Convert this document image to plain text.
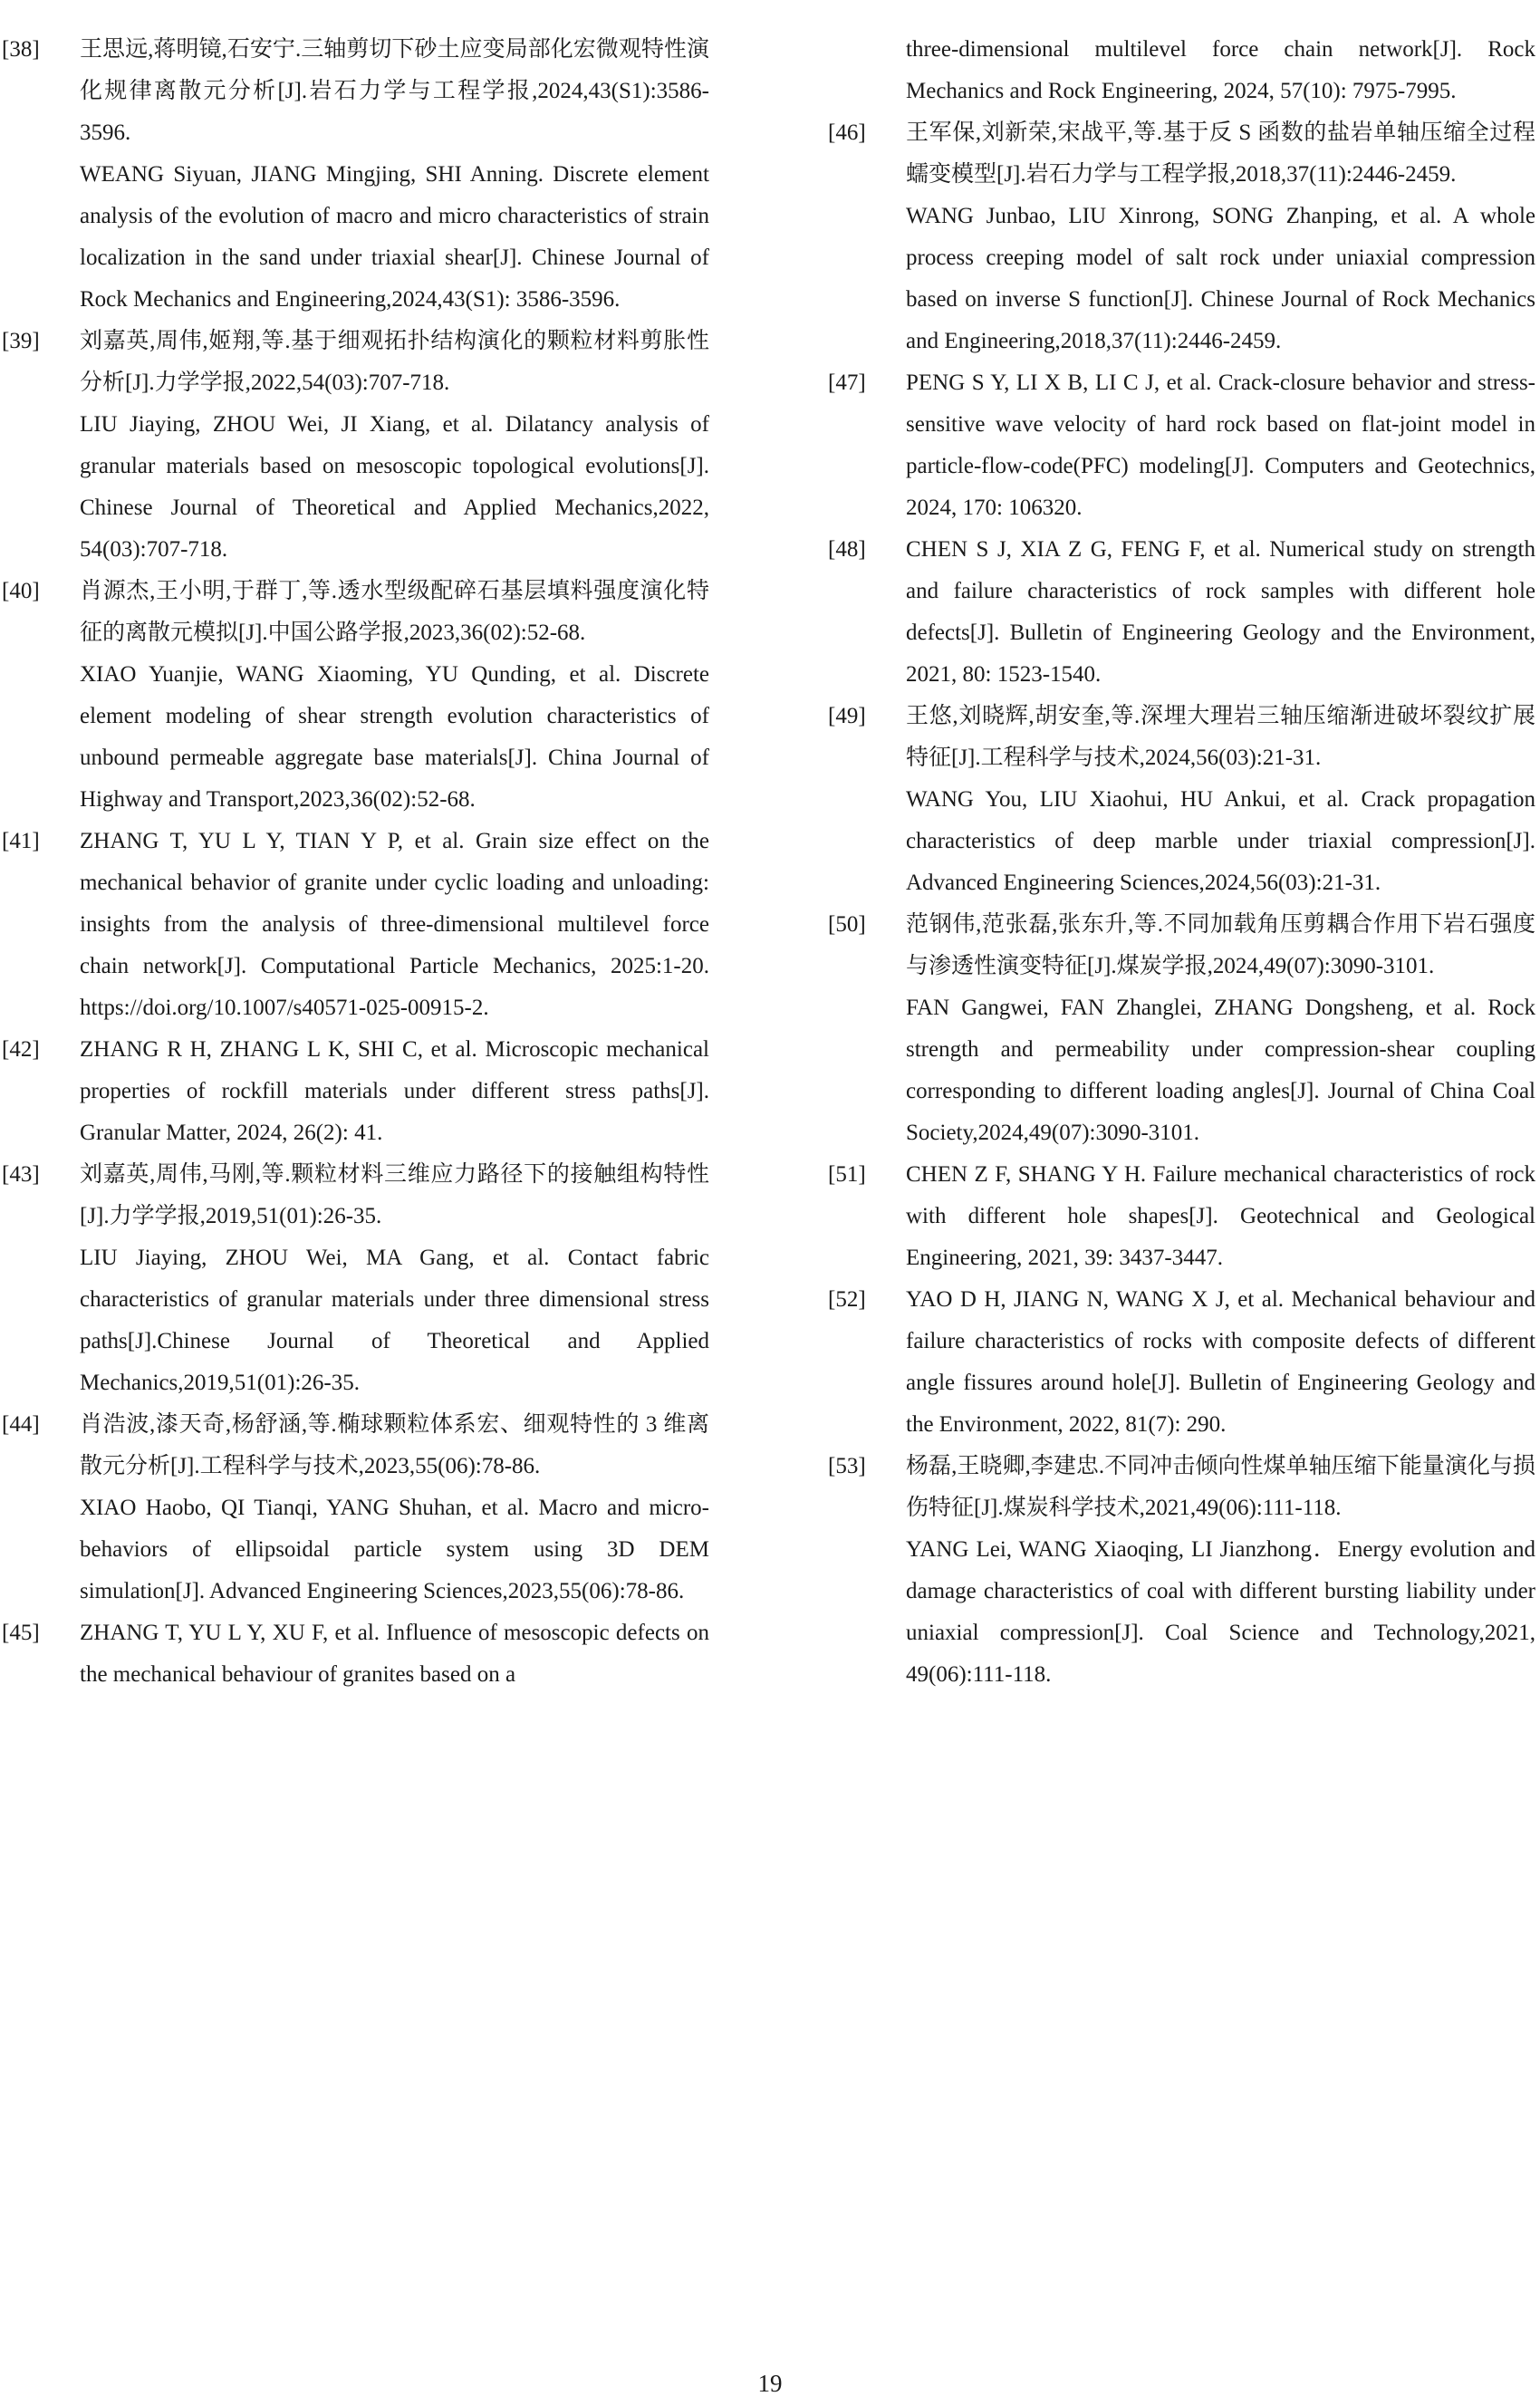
[38] 王思远,蒋明镜,石安宁.三轴剪切下砂土应变局部化宏微观特性演化规律离散元分析[J].岩石力学与工程学报,2024,43(S1):3586-3596.

WEANG Siyuan, JIANG Mingjing, SHI Anning. Discrete element analysis of the evolution of macro and micro characteristics of strain localization in the sand under triaxial shear[J]. Chinese Journal of Rock Mechanics and Engineering,2024,43(S1): 3586-3596.

[39] 刘嘉英,周伟,姬翔,等.基于细观拓扑结构演化的颗粒材料剪胀性分析[J].力学学报,2022,54(03):707-718.

LIU Jiaying, ZHOU Wei, JI Xiang, et al. Dilatancy analysis of granular materials based on mesoscopic topological evolutions[J]. Chinese Journal of Theoretical and Applied Mechanics,2022, 54(03):707-718.

[40] 肖源杰,王小明,于群丁,等.透水型级配碎石基层填料强度演化特征的离散元模拟[J].中国公路学报,2023,36(02):52-68.

XIAO Yuanjie, WANG Xiaoming, YU Qunding, et al. Discrete element modeling of shear strength evolution characteristics of unbound permeable aggregate base materials[J]. China Journal of Highway and Transport,2023,36(02):52-68.

[41] ZHANG T, YU L Y, TIAN Y P, et al. Grain size effect on the mechanical behavior of granite under cyclic loading and unloading: insights from the analysis of three-dimensional multilevel force chain network[J]. Computational Particle Mechanics, 2025:1-20. https://doi.org/10.1007/s40571-025-00915-2.

[42] ZHANG R H, ZHANG L K, SHI C, et al. Microscopic mechanical properties of rockfill materials under different stress paths[J]. Granular Matter, 2024, 26(2): 41.

[43] 刘嘉英,周伟,马刚,等.颗粒材料三维应力路径下的接触组构特性[J].力学学报,2019,51(01):26-35.

LIU Jiaying, ZHOU Wei, MA Gang, et al. Contact fabric characteristics of granular materials under three dimensional stress paths[J].Chinese Journal of Theoretical and Applied Mechanics,2019,51(01):26-35.

[44] 肖浩波,漆天奇,杨舒涵,等.椭球颗粒体系宏、细观特性的 3 维离散元分析[J].工程科学与技术,2023,55(06):78-86.

XIAO Haobo, QI Tianqi, YANG Shuhan, et al. Macro and micro-behaviors of ellipsoidal particle system using 3D DEM simulation[J]. Advanced Engineering Sciences,2023,55(06):78-86.

[45] ZHANG T, YU L Y, XU F, et al. Influence of mesoscopic defects on the mechanical behaviour of granites based on a

three-dimensional multilevel force chain network[J]. Rock Mechanics and Rock Engineering, 2024, 57(10): 7975-7995.

[46] 王军保,刘新荣,宋战平,等.基于反 S 函数的盐岩单轴压缩全过程蠕变模型[J].岩石力学与工程学报,2018,37(11):2446-2459.

WANG Junbao, LIU Xinrong, SONG Zhanping, et al. A whole process creeping model of salt rock under uniaxial compression based on inverse S function[J]. Chinese Journal of Rock Mechanics and Engineering,2018,37(11):2446-2459.

[47] PENG S Y, LI X B, LI C J, et al. Crack-closure behavior and stress-sensitive wave velocity of hard rock based on flat-joint model in particle-flow-code(PFC) modeling[J]. Computers and Geotechnics, 2024, 170: 106320.

[48] CHEN S J, XIA Z G, FENG F, et al. Numerical study on strength and failure characteristics of rock samples with different hole defects[J]. Bulletin of Engineering Geology and the Environment, 2021, 80: 1523-1540.

[49] 王悠,刘晓辉,胡安奎,等.深埋大理岩三轴压缩渐进破坏裂纹扩展特征[J].工程科学与技术,2024,56(03):21-31.

WANG You, LIU Xiaohui, HU Ankui, et al. Crack propagation characteristics of deep marble under triaxial compression[J]. Advanced Engineering Sciences,2024,56(03):21-31.

[50] 范钢伟,范张磊,张东升,等.不同加载角压剪耦合作用下岩石强度与渗透性演变特征[J].煤炭学报,2024,49(07):3090-3101.

FAN Gangwei, FAN Zhanglei, ZHANG Dongsheng, et al. Rock strength and permeability under compression-shear coupling corresponding to different loading angles[J]. Journal of China Coal Society,2024,49(07):3090-3101.

[51] CHEN Z F, SHANG Y H. Failure mechanical characteristics of rock with different hole shapes[J]. Geotechnical and Geological Engineering, 2021, 39: 3437-3447.

[52] YAO D H, JIANG N, WANG X J, et al. Mechanical behaviour and failure characteristics of rocks with composite defects of different angle fissures around hole[J]. Bulletin of Engineering Geology and the Environment, 2022, 81(7): 290.

[53] 杨磊,王晓卿,李建忠.不同冲击倾向性煤单轴压缩下能量演化与损伤特征[J].煤炭科学技术,2021,49(06):111-118.

YANG Lei, WANG Xiaoqing, LI Jianzhong．Energy evolution and damage characteristics of coal with different bursting liability under uniaxial compression[J]. Coal Science and Technology,2021, 49(06):111-118.

19
